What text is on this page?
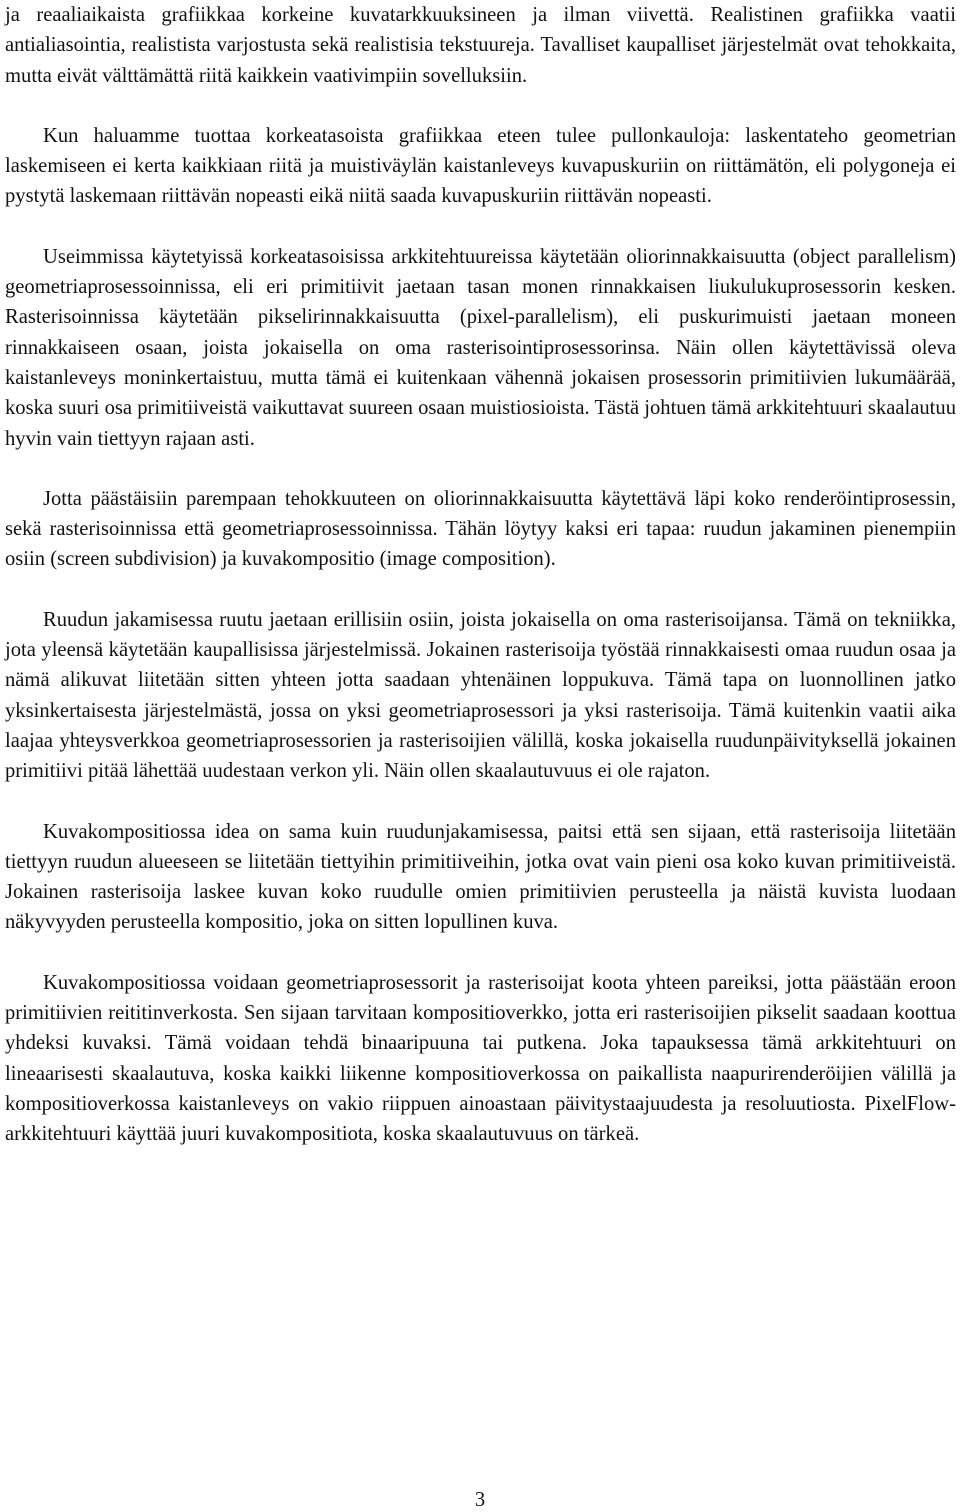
ja reaaliaikaista grafiikkaa korkeine kuvatarkkuuksineen ja ilman viivettä. Realistinen grafiikka vaatii antialiasointia, realistista varjostusta sekä realistisia tekstuureja. Tavalliset kaupalliset järjestelmät ovat tehokkaita, mutta eivät välttämättä riitä kaikkein vaativimpiin sovelluksiin.

Kun haluamme tuottaa korkeatasoista grafiikkaa eteen tulee pullonkauloja: laskentateho geometrian laskemiseen ei kerta kaikkiaan riitä ja muistiväylän kaistanleveys kuvapuskuriin on riittämätön, eli polygoneja ei pystytä laskemaan riittävän nopeasti eikä niitä saada kuvapuskuriin riittävän nopeasti.

Useimmissa käytetyissä korkeatasoisissa arkkitehtuureissa käytetään oliorinnakkaisuutta (object parallelism) geometriaprosessoinnissa, eli eri primitiivit jaetaan tasan monen rinnakkaisen liukulukuprosessorin kesken. Rasterisoinnissa käytetään pikselirinnakkaisuutta (pixel-parallelism), eli puskurimuisti jaetaan moneen rinnakkaiseen osaan, joista jokaisella on oma rasterisointiprosessorinsa. Näin ollen käytettävissä oleva kaistanleveys moninkertaistuu, mutta tämä ei kuitenkaan vähennä jokaisen prosessorin primitiivien lukumäärää, koska suuri osa primitiiveistä vaikuttavat suureen osaan muistiosioista. Tästä johtuen tämä arkkitehtuuri skaalautuu hyvin vain tiettyyn rajaan asti.

Jotta päästäisiin parempaan tehokkuuteen on oliorinnakkaisuutta käytettävä läpi koko renderöintiprosessin, sekä rasterisoinnissa että geometriaprosessoinnissa. Tähän löytyy kaksi eri tapaa: ruudun jakaminen pienempiin osiin (screen subdivision) ja kuvakompositio (image composition).

Ruudun jakamisessa ruutu jaetaan erillisiin osiin, joista jokaisella on oma rasterisoijansa. Tämä on tekniikka, jota yleensä käytetään kaupallisissa järjestelmissä. Jokainen rasterisoija työstää rinnakkaisesti omaa ruudun osaa ja nämä alikuvat liitetään sitten yhteen jotta saadaan yhtenäinen loppukuva. Tämä tapa on luonnollinen jatko yksinkertaisesta järjestelmästä, jossa on yksi geometriaprosessori ja yksi rasterisoija. Tämä kuitenkin vaatii aika laajaa yhteysverkkoa geometriaprosessorien ja rasterisoijien välillä, koska jokaisella ruudunpäivityksellä jokainen primitiivi pitää lähettää uudestaan verkon yli. Näin ollen skaalautuvuus ei ole rajaton.

Kuvakompositiossa idea on sama kuin ruudunjakamisessa, paitsi että sen sijaan, että rasterisoija liitetään tiettyyn ruudun alueeseen se liitetään tiettyihin primitiiveihin, jotka ovat vain pieni osa koko kuvan primitiiveistä. Jokainen rasterisoija laskee kuvan koko ruudulle omien primitiivien perusteella ja näistä kuvista luodaan näkyvyyden perusteella kompositio, joka on sitten lopullinen kuva.

Kuvakompositiossa voidaan geometriaprosessorit ja rasterisoijat koota yhteen pareiksi, jotta päästään eroon primitiivien reititinverkosta. Sen sijaan tarvitaan kompositioverkko, jotta eri rasterisoijien pikselit saadaan koottua yhdeksi kuvaksi. Tämä voidaan tehdä binaaripuuna tai putkena. Joka tapauksessa tämä arkkitehtuuri on lineaarisesti skaalautuva, koska kaikki liikenne kompositioverkossa on paikallista naapurirenderöijien välillä ja kompositioverkossa kaistanleveys on vakio riippuen ainoastaan päivitystaajuudesta ja resoluutiosta. PixelFlow-arkkitehtuuri käyttää juuri kuvakompositiota, koska skaalautuvuus on tärkeä.

3
